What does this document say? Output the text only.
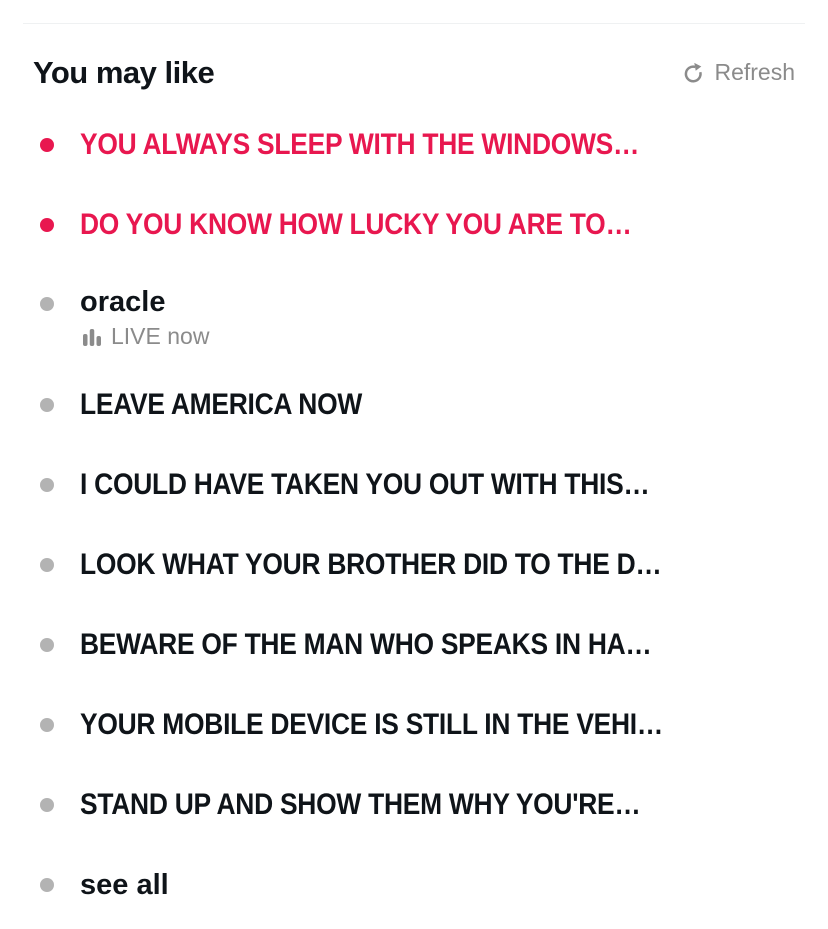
You may like	Refresh
YOU ALWAYS SLEEP WITH THE WINDOWS…
DO YOU KNOW HOW LUCKY YOU ARE TO…
oracle
LIVE now
LEAVE AMERICA NOW
I COULD HAVE TAKEN YOU OUT WITH THIS…
LOOK WHAT YOUR BROTHER DID TO THE D…
BEWARE OF THE MAN WHO SPEAKS IN HA…
YOUR MOBILE DEVICE IS STILL IN THE VEHI…
STAND UP AND SHOW THEM WHY YOU'RE…
see all
